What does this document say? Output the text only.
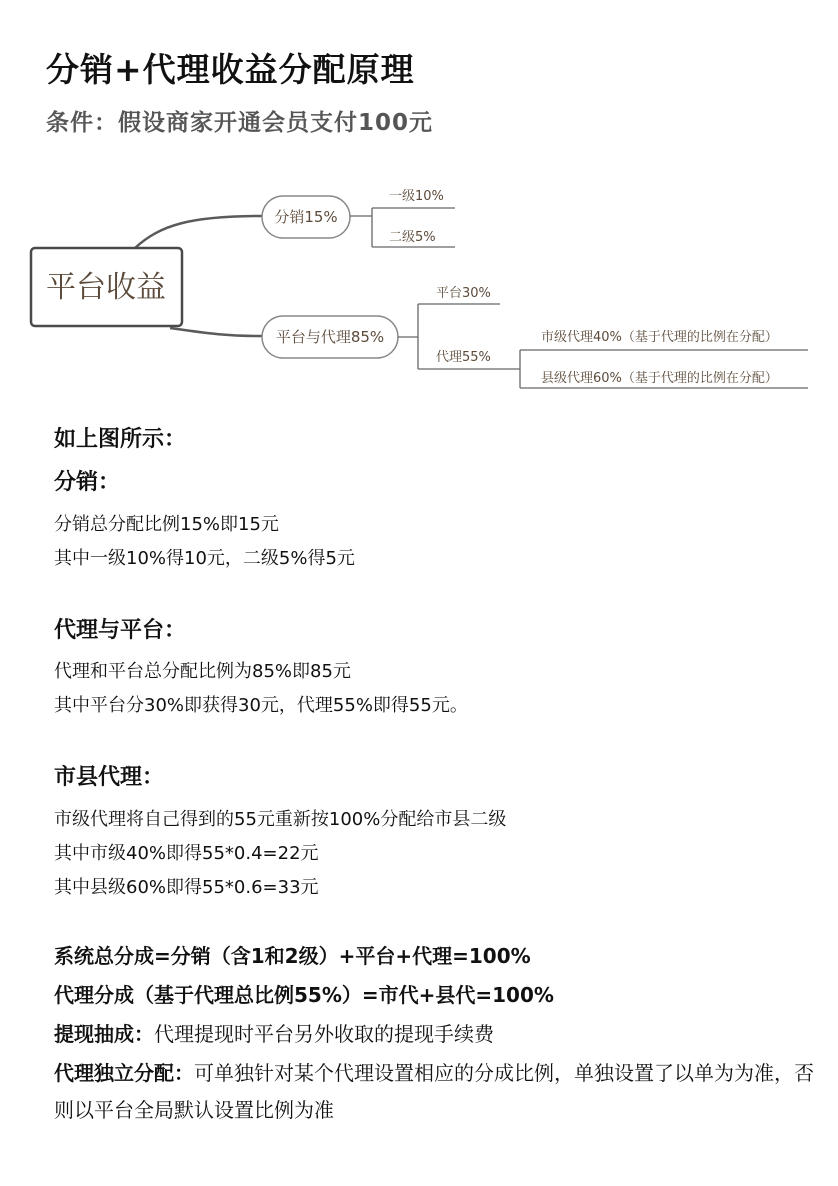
分销+代理收益分配原理
条件：假设商家开通会员支付100元
平台收益
分销15%
一级10%
二级5%
平台与代理85%
平台30%
代理55%
市级代理40%（基于代理的比例在分配）
县级代理60%（基于代理的比例在分配）
如上图所示：
分销：
分销总分配比例15%即15元
其中一级10%得10元，二级5%得5元
代理与平台：
代理和平台总分配比例为85%即85元
其中平台分30%即获得30元，代理55%即得55元。
市县代理：
市级代理将自己得到的55元重新按100%分配给市县二级
其中市级40%即得55*0.4=22元
其中县级60%即得55*0.6=33元
系统总分成=分销（含1和2级）+平台+代理=100%
代理分成（基于代理总比例55%）=市代+县代=100%
提现抽成：代理提现时平台另外收取的提现手续费
代理独立分配：可单独针对某个代理设置相应的分成比例，单独设置了以单为为准，否则以平台全局默认设置比例为准
